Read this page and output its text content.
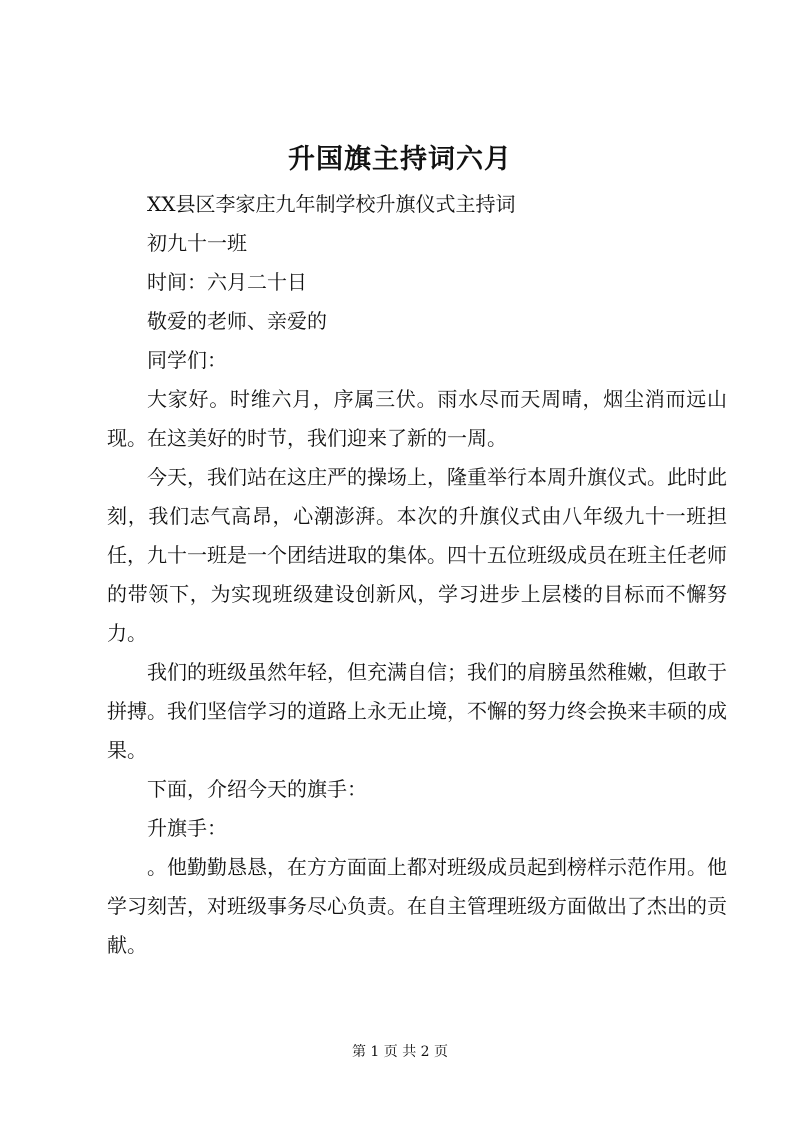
升国旗主持词六月

XX县区李家庄九年制学校升旗仪式主持词

初九十一班

时间：六月二十日

敬爱的老师、亲爱的

同学们：

大家好。时维六月，序属三伏。雨水尽而天周晴，烟尘消而远山现。在这美好的时节，我们迎来了新的一周。

今天，我们站在这庄严的操场上，隆重举行本周升旗仪式。此时此刻，我们志气高昂，心潮澎湃。本次的升旗仪式由八年级九十一班担任，九十一班是一个团结进取的集体。四十五位班级成员在班主任老师的带领下，为实现班级建设创新风，学习进步上层楼的目标而不懈努力。

我们的班级虽然年轻，但充满自信；我们的肩膀虽然稚嫩，但敢于拼搏。我们坚信学习的道路上永无止境，不懈的努力终会换来丰硕的成果。

下面，介绍今天的旗手：

升旗手：

。他勤勤恳恳，在方方面面上都对班级成员起到榜样示范作用。他学习刻苦，对班级事务尽心负责。在自主管理班级方面做出了杰出的贡献。

第 1 页 共 2 页
